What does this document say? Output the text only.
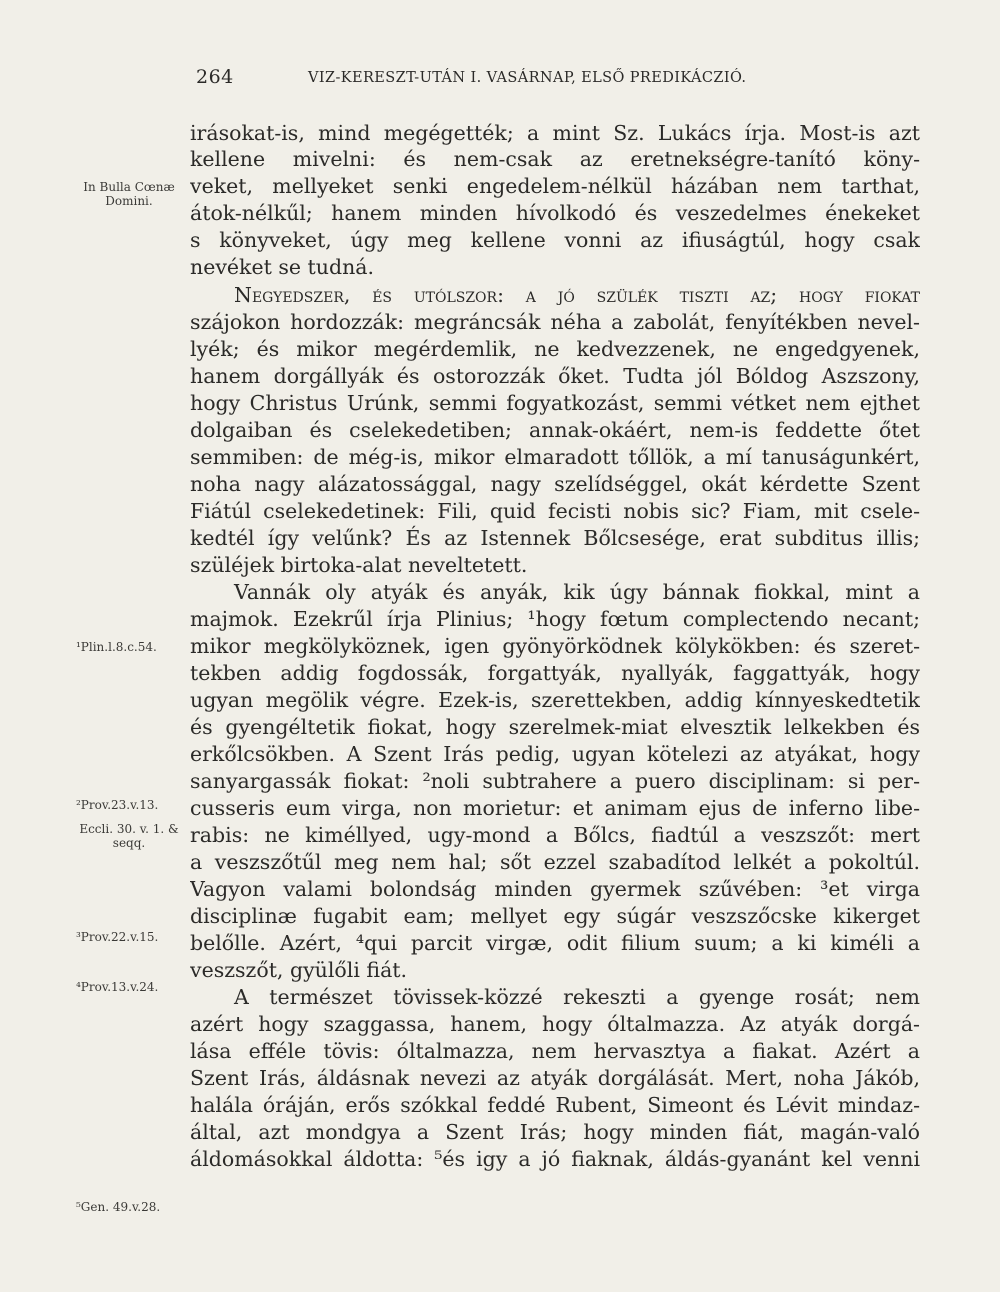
264	VIZ-KERESZT-UTÁN I. VASÁRNAP, ELSŐ PREDIKÁCZIÓ.
In Bulla Cœnæ Domini.
¹Plin.l.8.c.54.
²Prov.23.v.13.
Eccli. 30. v. 1. & seqq.
³Prov.22.v.15.
⁴Prov.13.v.24.
⁵Gen. 49.v.28.
irásokat-is, mind megégették; a mint Sz. Lukács írja. Most-is azt
kellene mivelni: és nem-csak az eretnekségre-tanító köny-
veket, mellyeket senki engedelem-nélkül házában nem tarthat,
átok-nélkűl; hanem minden hívolkodó és veszedelmes énekeket
s könyveket, úgy meg kellene vonni az ifiuságtúl, hogy csak
nevéket se tudná.
Negyedszer, és utólszor: a jó szülék tiszti az; hogy fiokat
szájokon hordozzák: megráncsák néha a zabolát, fenyítékben nevel-
lyék; és mikor megérdemlik, ne kedvezzenek, ne engedgyenek,
hanem dorgállyák és ostorozzák őket. Tudta jól Bóldog Aszszony,
hogy Christus Urúnk, semmi fogyatkozást, semmi vétket nem ejthet
dolgaiban és cselekedetiben; annak-okáért, nem-is feddette őtet
semmiben: de még-is, mikor elmaradott tőllök, a mí tanuságunkért,
noha nagy alázatossággal, nagy szelídséggel, okát kérdette Szent
Fiátúl cselekedetinek: Fili, quid fecisti nobis sic? Fiam, mit csele-
kedtél így velűnk? És az Istennek Bőlcsesége, erat subditus illis;
szüléjek birtoka-alat neveltetett.
Vannák oly atyák és anyák, kik úgy bánnak fiokkal, mint a
majmok. Ezekrűl írja Plinius; ¹hogy fœtum complectendo necant;
mikor megkölyköznek, igen gyönyörködnek kölykökben: és szeret-
tekben addig fogdossák, forgattyák, nyallyák, faggattyák, hogy
ugyan megölik végre. Ezek-is, szerettekben, addig kínnyeskedtetik
és gyengéltetik fiokat, hogy szerelmek-miat elvesztik lelkekben és
erkőlcsökben. A Szent Irás pedig, ugyan kötelezi az atyákat, hogy
sanyargassák fiokat: ²noli subtrahere a puero disciplinam: si per-
cusseris eum virga, non morietur: et animam ejus de inferno libe-
rabis: ne kiméllyed, ugy-mond a Bőlcs, fiadtúl a veszszőt: mert
a veszszőtűl meg nem hal; sőt ezzel szabadítod lelkét a pokoltúl.
Vagyon valami bolondság minden gyermek szűvében: ³et virga
disciplinæ fugabit eam; mellyet egy súgár veszszőcske kikerget
belőlle. Azért, ⁴qui parcit virgæ, odit filium suum; a ki kiméli a
veszszőt, gyülőli fiát.
A természet tövissek-közzé rekeszti a gyenge rosát; nem
azért hogy szaggassa, hanem, hogy óltalmazza. Az atyák dorgá-
lása efféle tövis: óltalmazza, nem hervasztya a fiakat. Azért a
Szent Irás, áldásnak nevezi az atyák dorgálását. Mert, noha Jákób,
halála óráján, erős szókkal feddé Rubent, Simeont és Lévit mindaz-
által, azt mondgya a Szent Irás; hogy minden fiát, magán-való
áldomásokkal áldotta: ⁵és igy a jó fiaknak, áldás-gyanánt kel venni
